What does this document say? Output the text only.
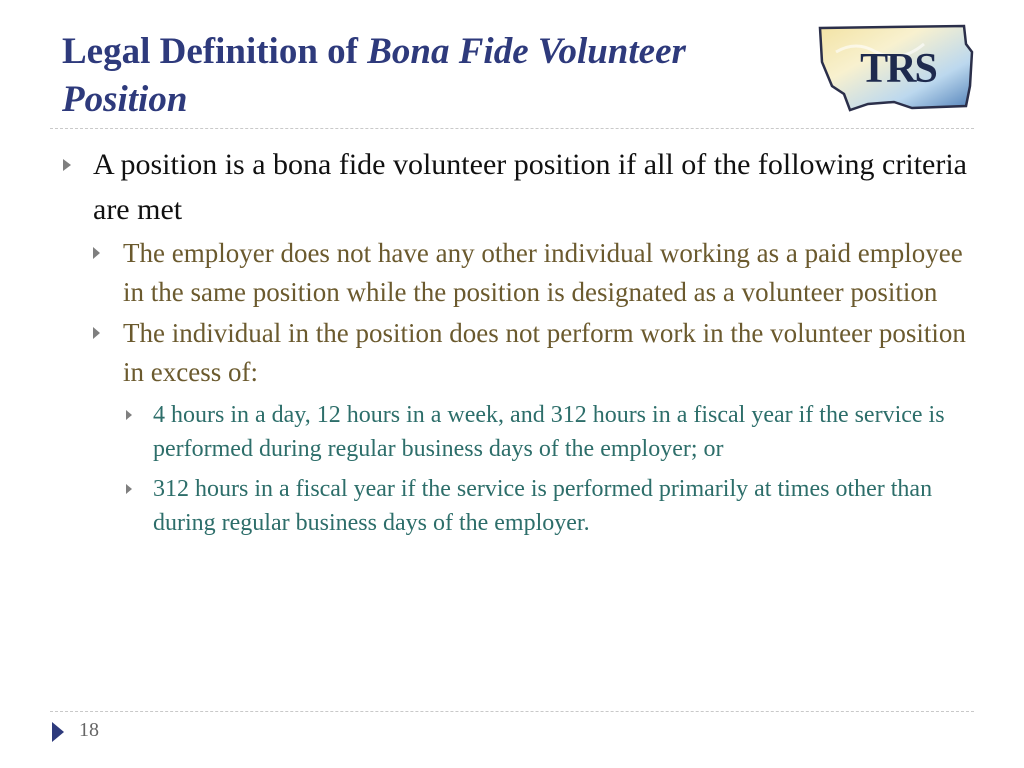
Legal Definition of Bona Fide Volunteer
Position
TRS
A position is a bona fide volunteer position if all of the following criteria are met
The employer does not have any other individual working as a paid employee in the same position while the position is designated as a volunteer position
The individual in the position does not perform work in the volunteer position in excess of:
4 hours in a day, 12 hours in a week, and 312 hours in a fiscal year if the service is performed during regular business days of the employer; or
312 hours in a fiscal year if the service is performed primarily at times other than during regular business days of the employer.
18
